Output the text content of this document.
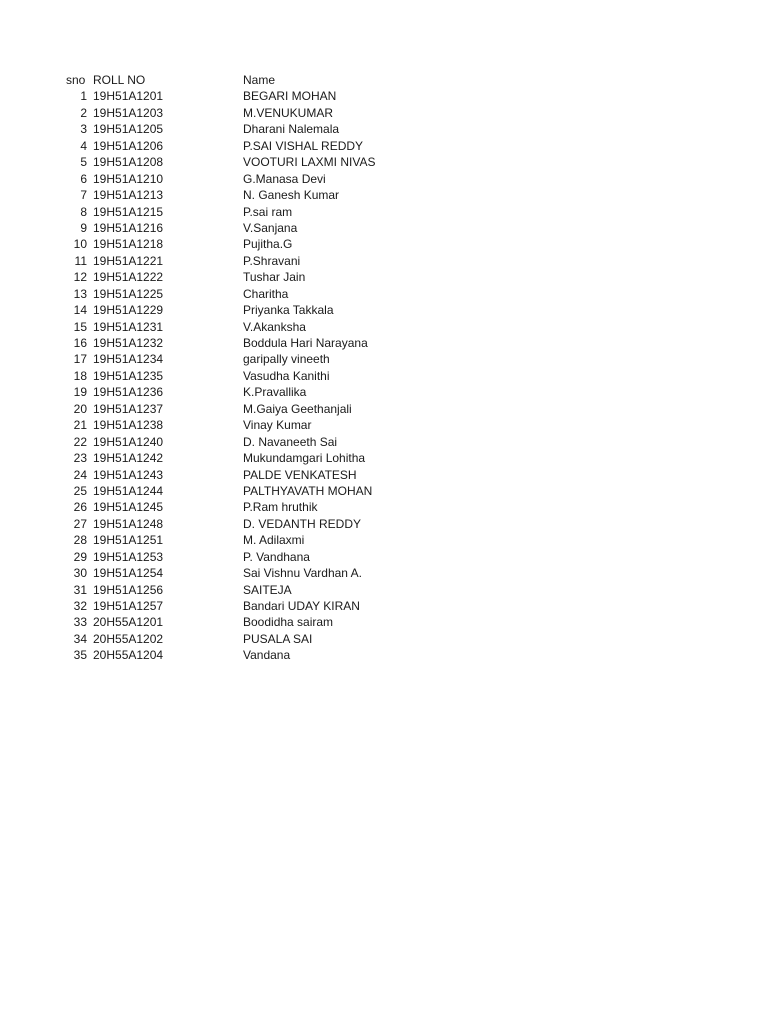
sno ROLL NO	Name
1 19H51A1201	BEGARI MOHAN
2 19H51A1203	M.VENUKUMAR
3 19H51A1205	Dharani Nalemala
4 19H51A1206	P.SAI VISHAL REDDY
5 19H51A1208	VOOTURI LAXMI NIVAS
6 19H51A1210	G.Manasa Devi
7 19H51A1213	N. Ganesh Kumar
8 19H51A1215	P.sai ram
9 19H51A1216	V.Sanjana
10 19H51A1218	Pujitha.G
11 19H51A1221	P.Shravani
12 19H51A1222	Tushar Jain
13 19H51A1225	Charitha
14 19H51A1229	Priyanka Takkala
15 19H51A1231	V.Akanksha
16 19H51A1232	Boddula Hari Narayana
17 19H51A1234	garipally vineeth
18 19H51A1235	Vasudha Kanithi
19 19H51A1236	K.Pravallika
20 19H51A1237	M.Gaiya Geethanjali
21 19H51A1238	Vinay Kumar
22 19H51A1240	D. Navaneeth Sai
23 19H51A1242	Mukundamgari Lohitha
24 19H51A1243	PALDE VENKATESH
25 19H51A1244	PALTHYAVATH MOHAN
26 19H51A1245	P.Ram hruthik
27 19H51A1248	D. VEDANTH REDDY
28 19H51A1251	M. Adilaxmi
29 19H51A1253	P. Vandhana
30 19H51A1254	Sai Vishnu Vardhan A.
31 19H51A1256	SAITEJA
32 19H51A1257	Bandari UDAY KIRAN
33 20H55A1201	Boodidha sairam
34 20H55A1202	PUSALA SAI
35 20H55A1204	Vandana
